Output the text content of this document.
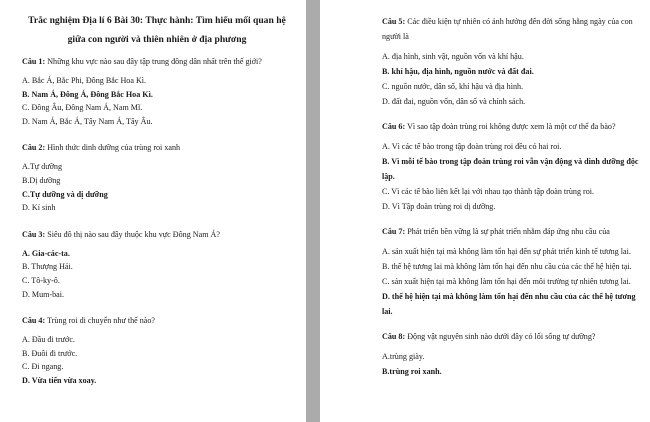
Trắc nghiệm Địa lí 6 Bài 30: Thực hành: Tìm hiểu mối quan hệ giữa con người và thiên nhiên ở địa phương

Câu 1: Những khu vực nào sau đây tập trung đông dân nhất trên thế giới?

A. Bắc Á, Bắc Phi, Đông Bắc Hoa Kì.
B. Nam Á, Đông Á, Đông Bắc Hoa Kì.
C. Đông Âu, Đông Nam Á, Nam Mĩ.
D. Nam Á, Bắc Á, Tây Nam Á, Tây Âu.

Câu 2: Hình thức dinh dưỡng của trùng roi xanh

A.Tự dưỡng
B.Dị dưỡng
C.Tự dưỡng và dị dưỡng
D. Kí sinh

Câu 3: Siêu đô thị nào sau đây thuộc khu vực Đông Nam Á?

A. Gia-các-ta.
B. Thượng Hải.
C. Tô-ky-ô.
D. Mum-bai.

Câu 4: Trùng roi di chuyển như thế nào?

A. Đầu đi trước.
B. Đuôi đi trước.
C. Đi ngang.
D. Vừa tiến vừa xoay.

Câu 5: Các điều kiện tự nhiên có ảnh hưởng đến đời sống hằng ngày của con người là

A. địa hình, sinh vật, nguồn vốn và khí hậu.
B. khí hậu, địa hình, nguồn nước và đất đai.
C. nguồn nước, dân số, khí hậu và địa hình.
D. đất đai, nguồn vốn, dân số và chính sách.

Câu 6: Vì sao tập đoàn trùng roi không được xem là một cơ thể đa bào?

A. Vì các tế bào trong tập đoàn trùng roi đều có hai roi.
B. Vì mỗi tế bào trong tập đoàn trùng roi vẫn vận động và dinh dưỡng độc lập.
C. Vì các tế bào liên kết lại với nhau tạo thành tập đoàn trùng roi.
D. Vì Tập đoàn trùng roi dị dưỡng.

Câu 7: Phát triển bền vững là sự phát triển nhằm đáp ứng nhu cầu của

A. sản xuất hiện tại mà không làm tổn hại đến sự phát triển kinh tế tương lai.
B. thế hệ tương lai mà không làm tổn hại đến nhu cầu của các thế hệ hiện tại.
C. sản xuất hiện tại mà không làm tổn hại đến môi trường tự nhiên tương lai.
D. thế hệ hiện tại mà không làm tổn hại đến nhu cầu của các thế hệ tương lai.

Câu 8: Động vật nguyên sinh nào dưới đây có lối sống tự dưỡng?

A.trùng giày.
B.trùng roi xanh.
